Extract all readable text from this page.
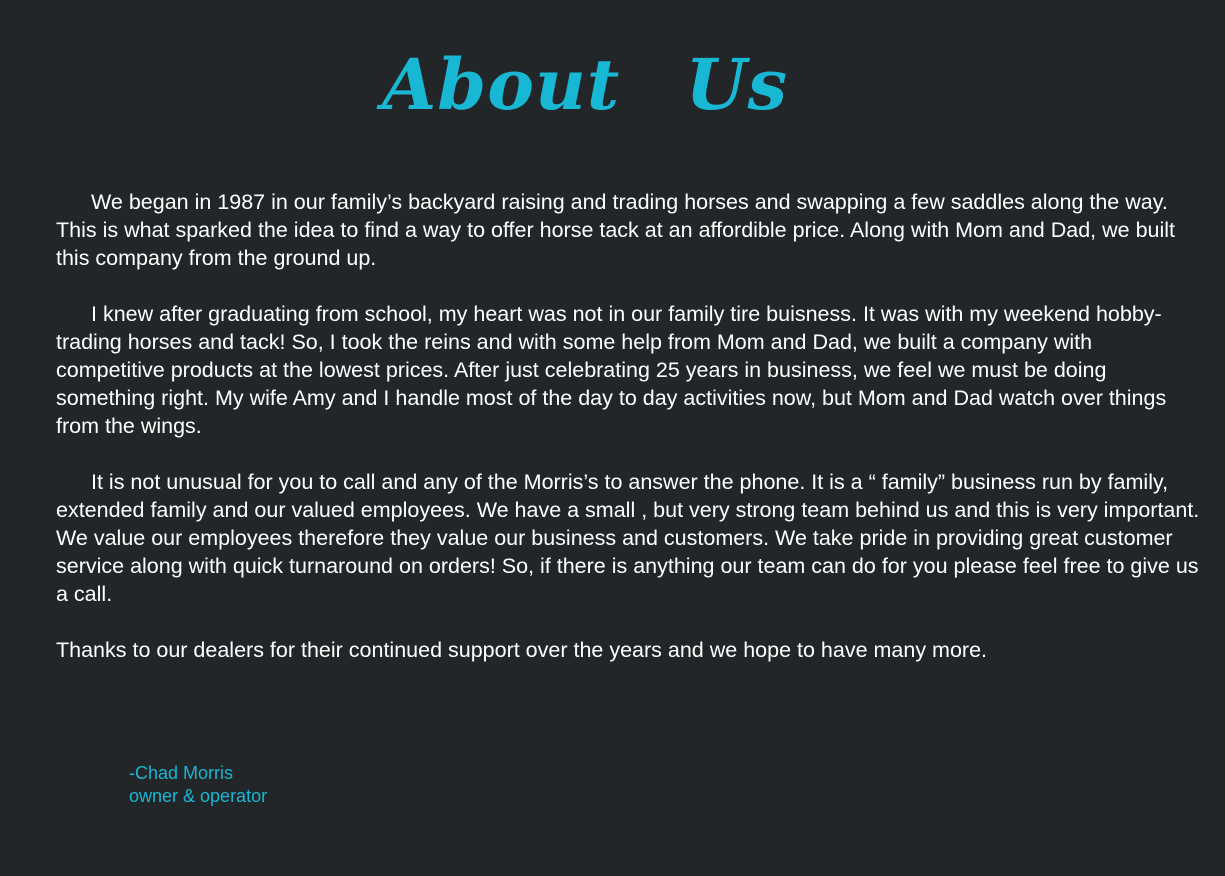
About Us

We began in 1987 in our family’s backyard raising and trading horses and swapping a few saddles along the way. This is what sparked the idea to find a way to offer horse tack at an affordible price. Along with Mom and Dad, we built this company from the ground up.

I knew after graduating from school, my heart was not in our family tire buisness. It was with my weekend hobby-trading horses and tack! So, I took the reins and with some help from Mom and Dad, we built a company with competitive products at the lowest prices. After just celebrating 25 years in business, we feel we must be doing something right. My wife Amy and I handle most of the day to day activities now, but Mom and Dad watch over things from the wings.

It is not unusual for you to call and any of the Morris’s to answer the phone. It is a “ family” business run by family, extended family and our valued employees. We have a small , but very strong team behind us and this is very important. We value our employees therefore they value our business and customers. We take pride in providing great customer service along with quick turnaround on orders! So, if there is anything our team can do for you please feel free to give us a call.

Thanks to our dealers for their continued support over the years and we hope to have many more.

-Chad Morris
owner & operator
